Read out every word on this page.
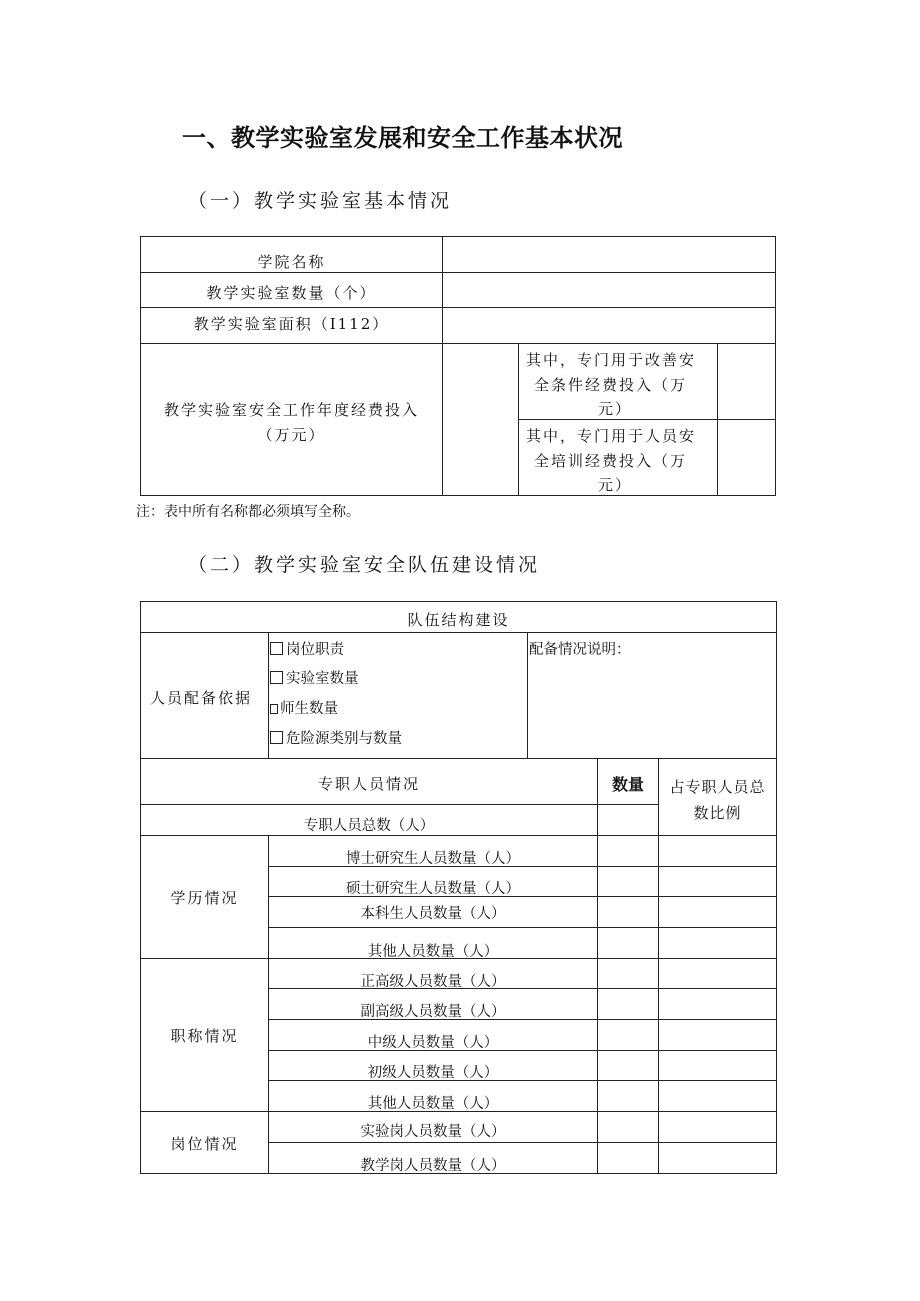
一、教学实验室发展和安全工作基本状况
（一）教学实验室基本情况
学院名称
教学实验室数量（个）
教学实验室面积（I112）
教学实验室安全工作年度经费投入
（万元）
其中，专门用于改善安
全条件经费投入（万
元）
其中，专门用于人员安
全培训经费投入（万
元）
注：表中所有名称都必须填写全称。
（二）教学实验室安全队伍建设情况
队伍结构建设
人员配备依据
岗位职责
实验室数量
师生数量
危险源类别与数量
配备情况说明：
专职人员情况	数量	占专职人员总
数比例
专职人员总数（人）
学历情况
博士研究生人员数量（人）
硕士研究生人员数量（人）
本科生人员数量（人）
其他人员数量（人）
职称情况
正高级人员数量（人）
副高级人员数量（人）
中级人员数量（人）
初级人员数量（人）
其他人员数量（人）
岗位情况
实验岗人员数量（人）
教学岗人员数量（人）
